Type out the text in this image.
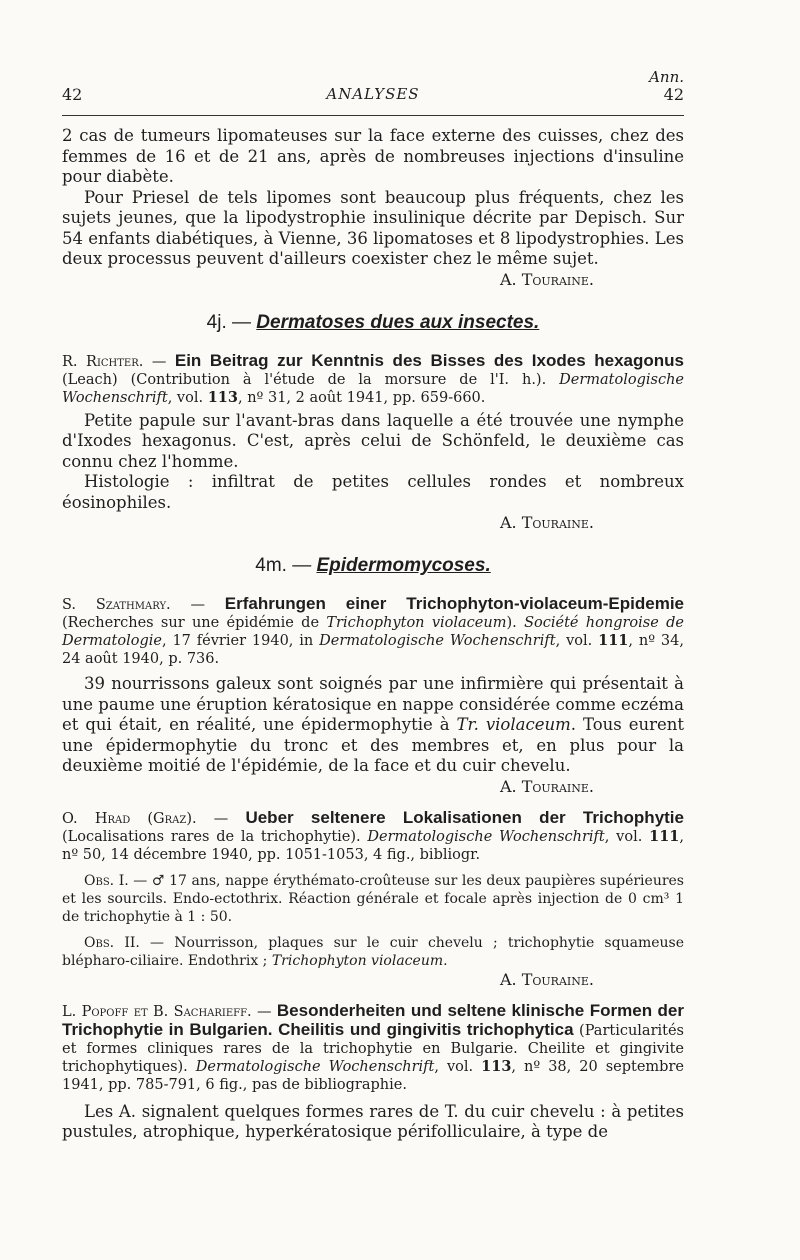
Ann.
42	ANALYSES	42

2 cas de tumeurs lipomateuses sur la face externe des cuisses, chez des femmes de 16 et de 21 ans, après de nombreuses injections d'insuline pour diabète.

Pour Priesel de tels lipomes sont beaucoup plus fréquents, chez les sujets jeunes, que la lipodystrophie insulinique décrite par Depisch. Sur 54 enfants diabétiques, à Vienne, 36 lipomatoses et 8 lipodystrophies. Les deux processus peuvent d'ailleurs coexister chez le même sujet.

A. Touraine.

4j. — Dermatoses dues aux insectes.

R. Richter. — Ein Beitrag zur Kenntnis des Bisses des Ixodes hexagonus (Leach) (Contribution à l'étude de la morsure de l'I. h.). Dermatologische Wochenschrift, vol. 113, nº 31, 2 août 1941, pp. 659-660.

Petite papule sur l'avant-bras dans laquelle a été trouvée une nymphe d'Ixodes hexagonus. C'est, après celui de Schönfeld, le deuxième cas connu chez l'homme.

Histologie : infiltrat de petites cellules rondes et nombreux éosinophiles.

A. Touraine.

4m. — Epidermomycoses.

S. Szathmary. — Erfahrungen einer Trichophyton-violaceum-Epidemie (Recherches sur une épidémie de Trichophyton violaceum). Société hongroise de Dermatologie, 17 février 1940, in Dermatologische Wochenschrift, vol. 111, nº 34, 24 août 1940, p. 736.

39 nourrissons galeux sont soignés par une infirmière qui présentait à une paume une éruption kératosique en nappe considérée comme eczéma et qui était, en réalité, une épidermophytie à Tr. violaceum. Tous eurent une épidermophytie du tronc et des membres et, en plus pour la deuxième moitié de l'épidémie, de la face et du cuir chevelu.

A. Touraine.

O. Hrad (Graz). — Ueber seltenere Lokalisationen der Trichophytie (Localisations rares de la trichophytie). Dermatologische Wochenschrift, vol. 111, nº 50, 14 décembre 1940, pp. 1051-1053, 4 fig., bibliogr.

Obs. I. — ♂ 17 ans, nappe érythémato-croûteuse sur les deux paupières supérieures et les sourcils. Endo-ectothrix. Réaction générale et focale après injection de 0 cm³ 1 de trichophytie à 1 : 50.

Obs. II. — Nourrisson, plaques sur le cuir chevelu ; trichophytie squameuse blépharo-ciliaire. Endothrix ; Trichophyton violaceum.

A. Touraine.

L. Popoff et B. Sacharieff. — Besonderheiten und seltene klinische Formen der Trichophytie in Bulgarien. Cheilitis und gingivitis trichophytica (Particularités et formes cliniques rares de la trichophytie en Bulgarie. Cheilite et gingivite trichophytiques). Dermatologische Wochenschrift, vol. 113, nº 38, 20 septembre 1941, pp. 785-791, 6 fig., pas de bibliographie.

Les A. signalent quelques formes rares de T. du cuir chevelu : à petites pustules, atrophique, hyperkératosique périfolliculaire, à type de
